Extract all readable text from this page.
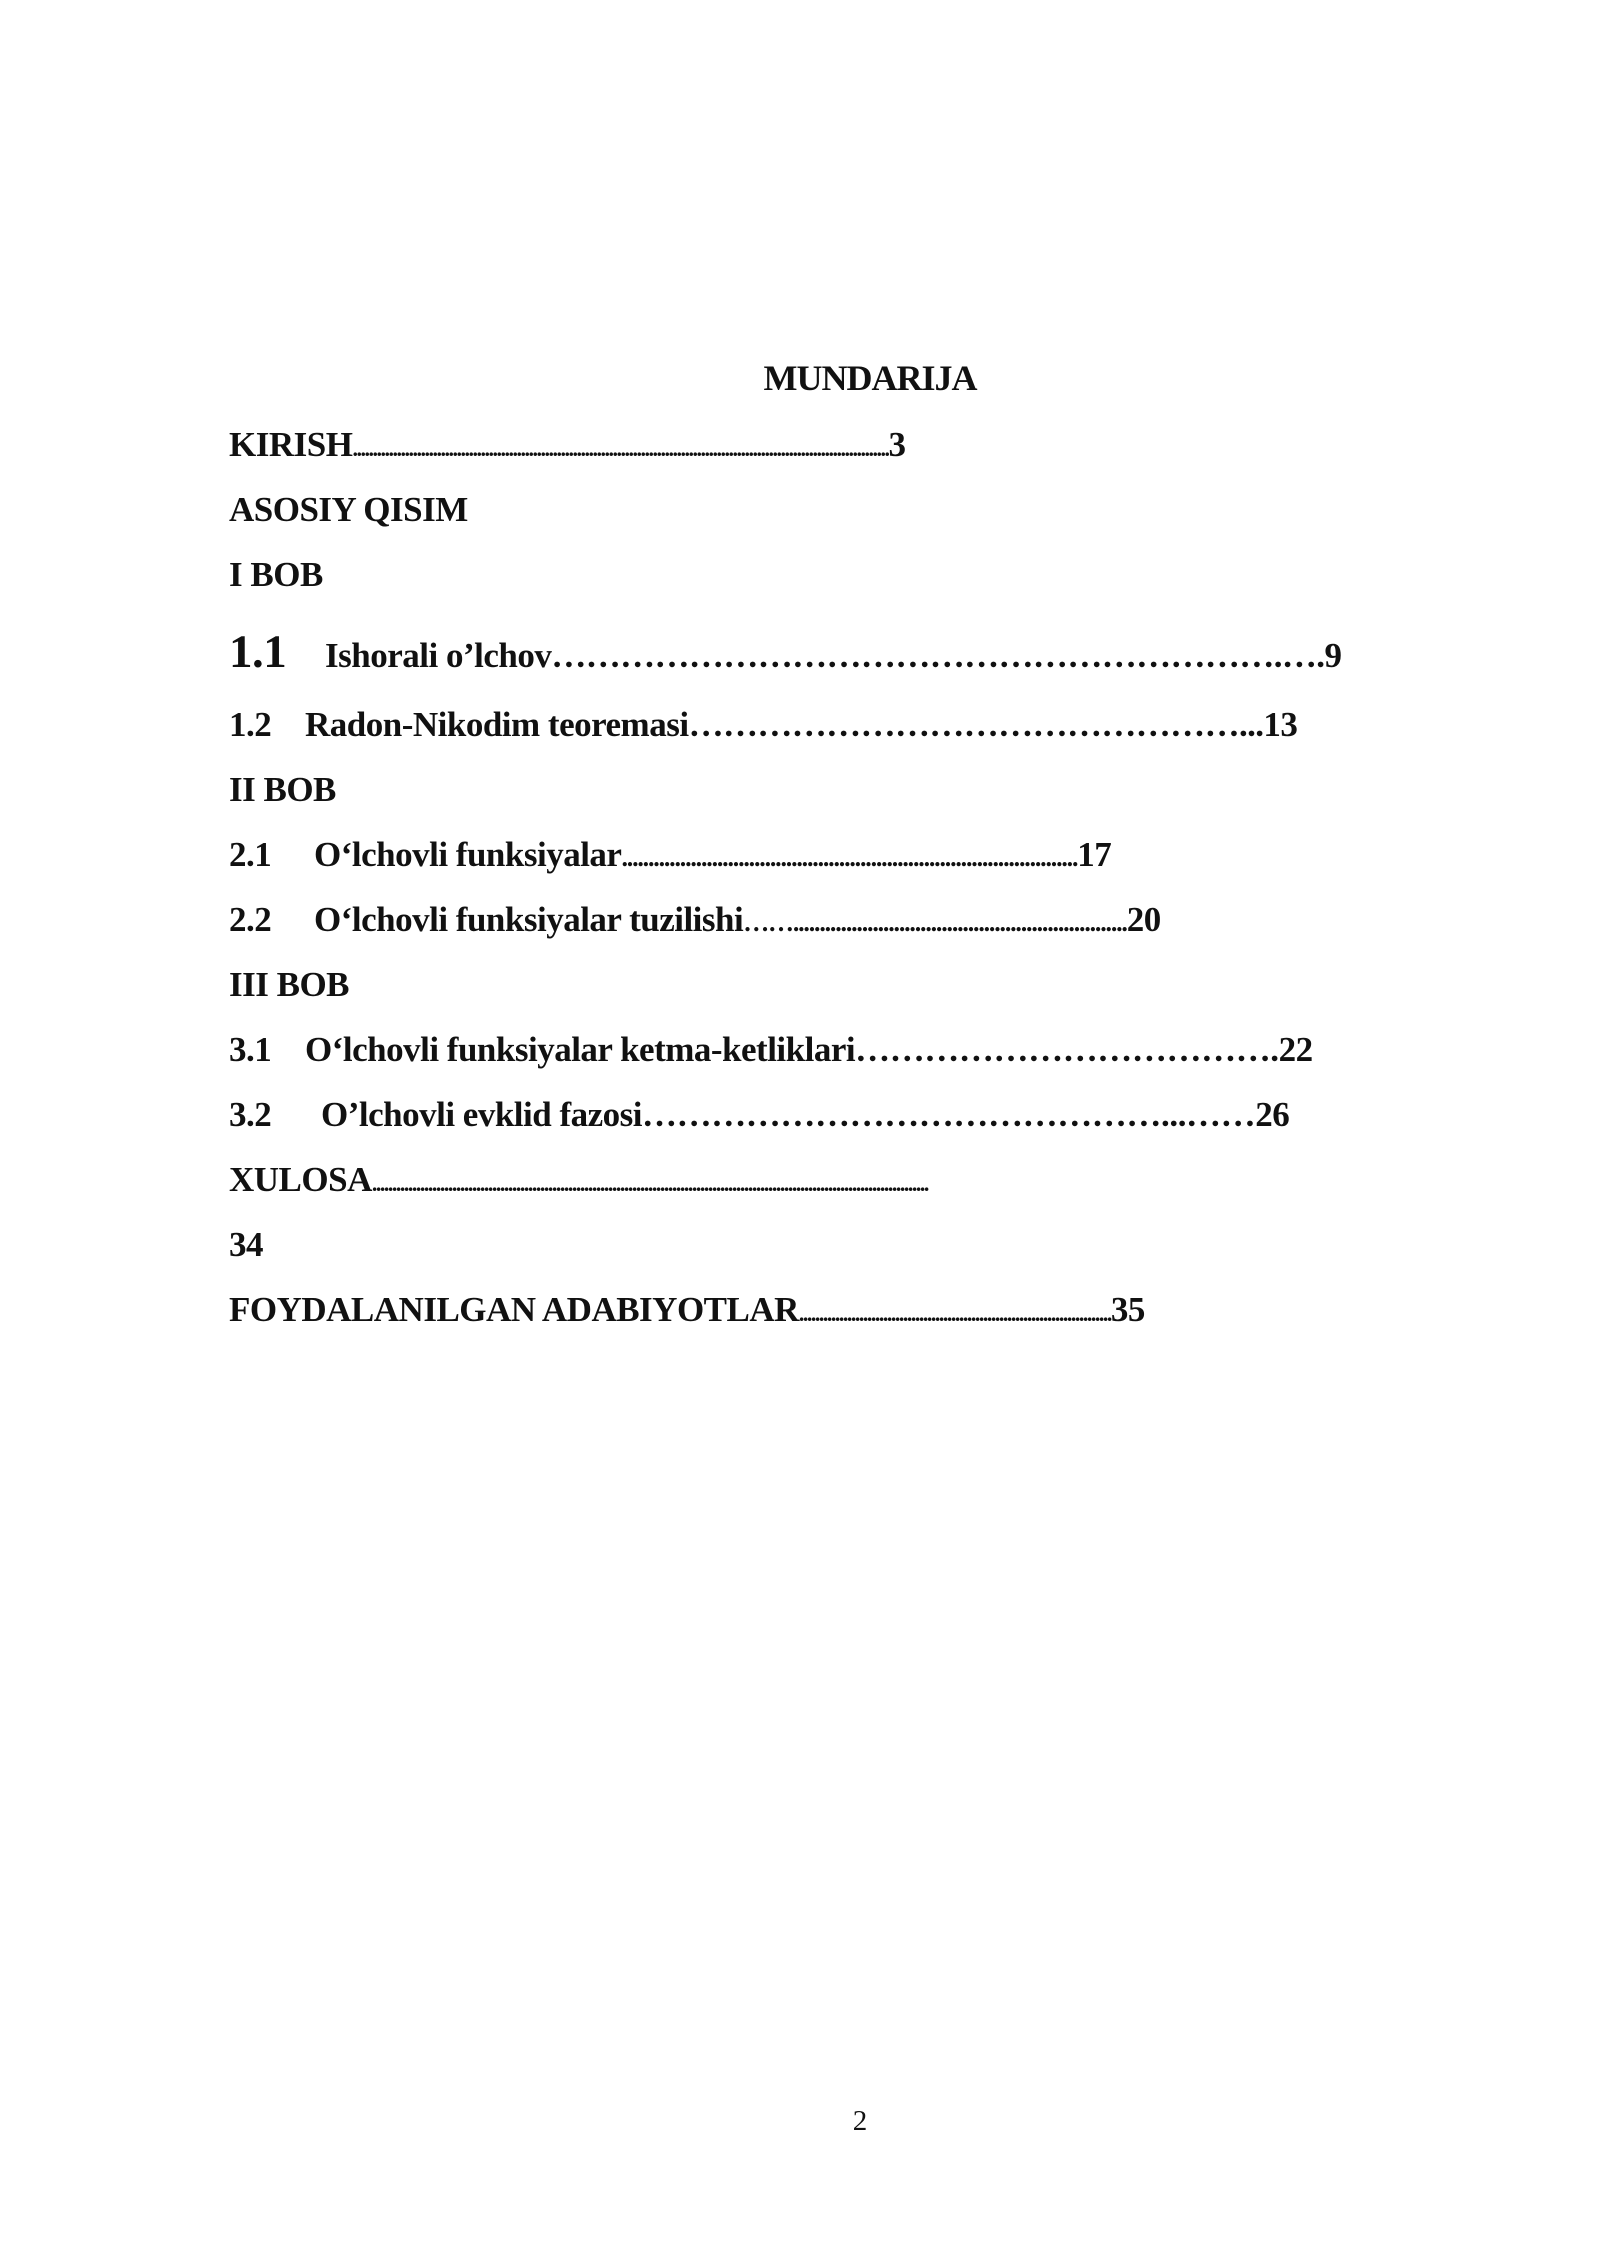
MUNDARIJA
KIRISH......................................................................................................................................3
ASOSIY QISIM
I BOB
1.1 Ishorali o’lchov……………………………………………………….….9
1.2 Radon-Nikodim teoremasi…………………………………………...13
II BOB
2.1 O‘lchovli funksiyalar......................................................................................17
2.2 O‘lchovli funksiyalar tuzilishi……...............................................................20
III BOB
3.1 O‘lchovli funksiyalar ketma-ketliklari……………………………….22
3.2 O’lchovli evklid fazosi………………………………………...……26
XULOSA...........................................................................................................................................
34
FOYDALANILGAN ADABIYOTLAR..............................................................................35
2
